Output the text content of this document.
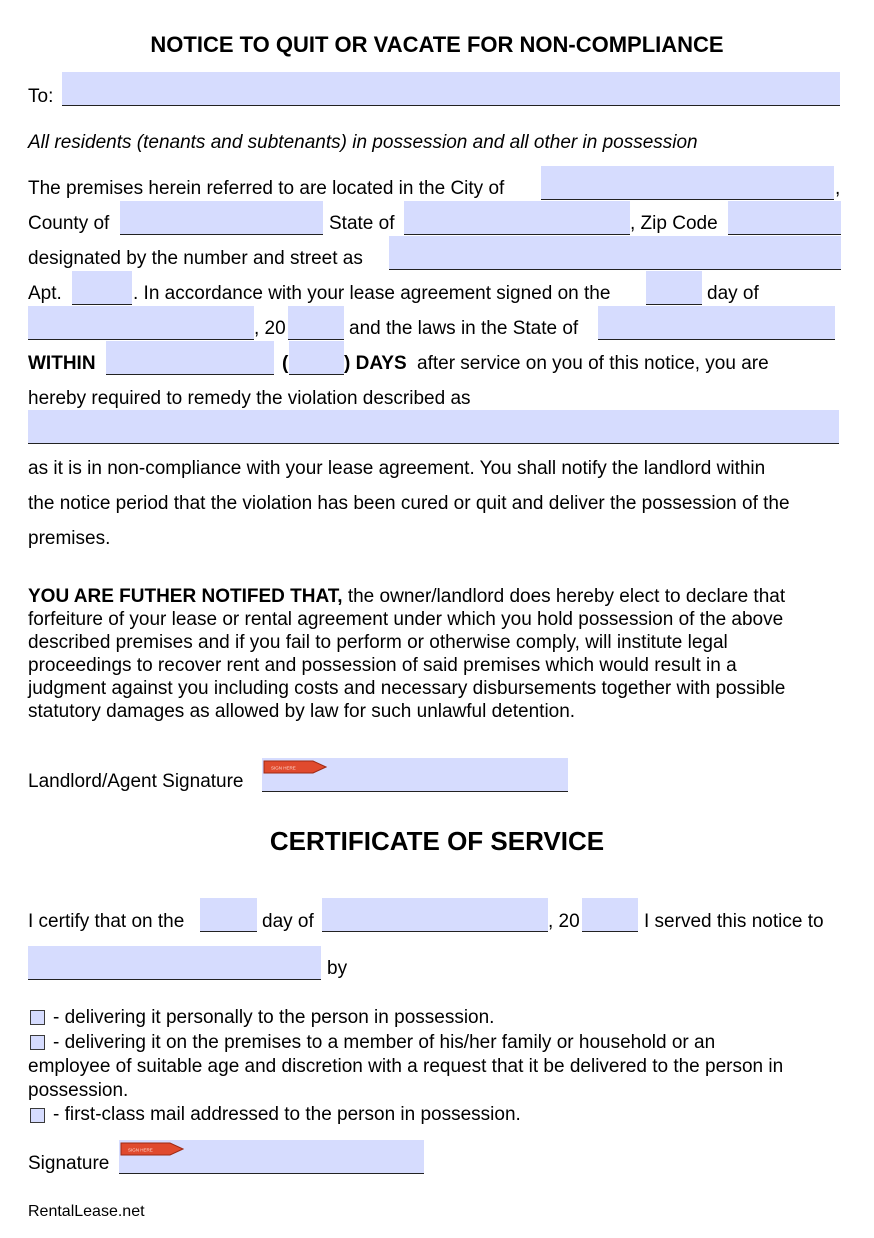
NOTICE TO QUIT OR VACATE FOR NON-COMPLIANCE
To:
All residents (tenants and subtenants) in possession and all other in possession
The premises herein referred to are located in the City of	,
County of	State of	, Zip Code
designated by the number and street as
Apt.	. In accordance with your lease agreement signed on the	day of
, 20	and the laws in the State of
WITHIN	(	) DAYS after service on you of this notice, you are
hereby required to remedy the violation described as
as it is in non-compliance with your lease agreement. You shall notify the landlord within
the notice period that the violation has been cured or quit and deliver the possession of the
premises.
YOU ARE FUTHER NOTIFED THAT, the owner/landlord does hereby elect to declare that
forfeiture of your lease or rental agreement under which you hold possession of the above
described premises and if you fail to perform or otherwise comply, will institute legal
proceedings to recover rent and possession of said premises which would result in a
judgment against you including costs and necessary disbursements together with possible
statutory damages as allowed by law for such unlawful detention.
Landlord/Agent Signature
SIGN HERE
CERTIFICATE OF SERVICE
I certify that on the	day of	, 20	I served this notice to
by
- delivering it personally to the person in possession.
- delivering it on the premises to a member of his/her family or household or an
employee of suitable age and discretion with a request that it be delivered to the person in
possession.
- first-class mail addressed to the person in possession.
Signature
SIGN HERE
RentalLease.net
